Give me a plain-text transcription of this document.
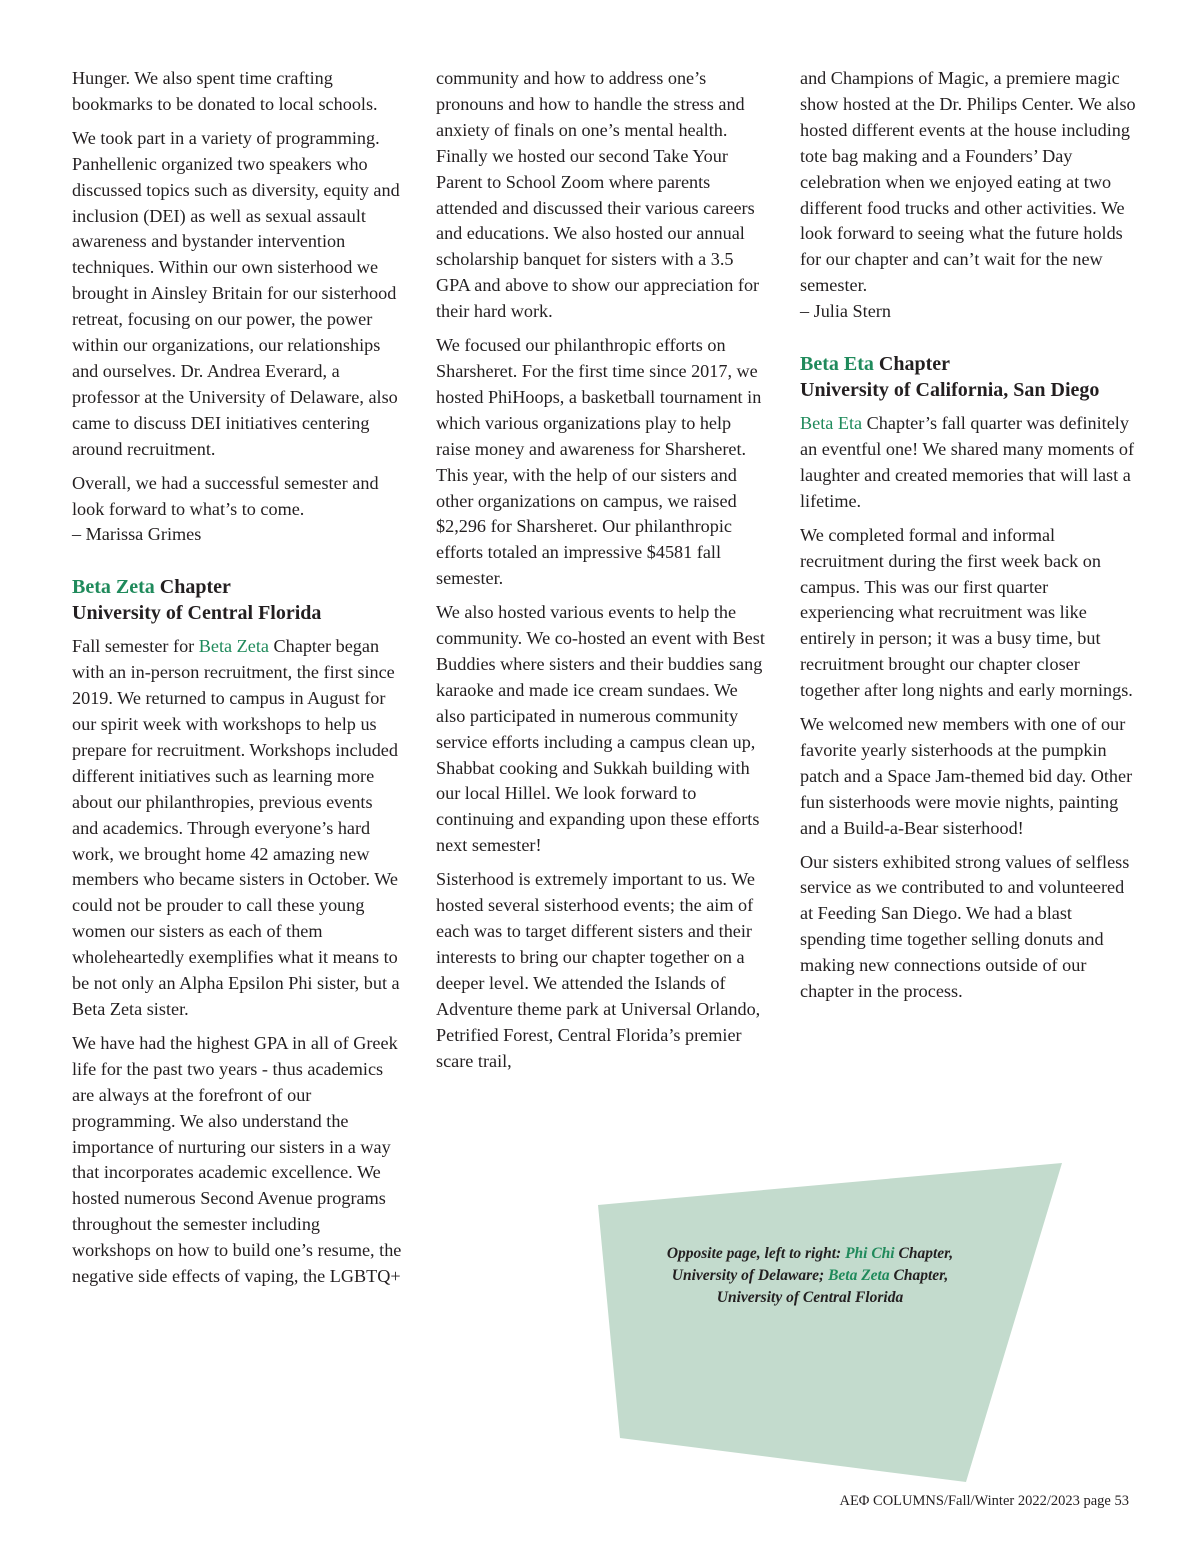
Hunger. We also spent time crafting bookmarks to be donated to local schools.

We took part in a variety of programming. Panhellenic organized two speakers who discussed topics such as diversity, equity and inclusion (DEI) as well as sexual assault awareness and bystander intervention techniques. Within our own sisterhood we brought in Ainsley Britain for our sisterhood retreat, focusing on our power, the power within our organizations, our relationships and ourselves. Dr. Andrea Everard, a professor at the University of Delaware, also came to discuss DEI initiatives centering around recruitment.

Overall, we had a successful semester and look forward to what’s to come.
– Marissa Grimes

Beta Zeta Chapter
University of Central Florida

Fall semester for Beta Zeta Chapter began with an in-person recruitment, the first since 2019. We returned to campus in August for our spirit week with workshops to help us prepare for recruitment. Workshops included different initiatives such as learning more about our philanthropies, previous events and academics. Through everyone’s hard work, we brought home 42 amazing new members who became sisters in October. We could not be prouder to call these young women our sisters as each of them wholeheartedly exemplifies what it means to be not only an Alpha Epsilon Phi sister, but a Beta Zeta sister.

We have had the highest GPA in all of Greek life for the past two years - thus academics are always at the forefront of our programming. We also understand the importance of nurturing our sisters in a way that incorporates academic excellence. We hosted numerous Second Avenue programs throughout the semester including workshops on how to build one’s resume, the negative side effects of vaping, the LGBTQ+

community and how to address one’s pronouns and how to handle the stress and anxiety of finals on one’s mental health. Finally we hosted our second Take Your Parent to School Zoom where parents attended and discussed their various careers and educations. We also hosted our annual scholarship banquet for sisters with a 3.5 GPA and above to show our appreciation for their hard work.

We focused our philanthropic efforts on Sharsheret. For the first time since 2017, we hosted PhiHoops, a basketball tournament in which various organizations play to help raise money and awareness for Sharsheret. This year, with the help of our sisters and other organizations on campus, we raised $2,296 for Sharsheret. Our philanthropic efforts totaled an impressive $4581 fall semester.

We also hosted various events to help the community. We co-hosted an event with Best Buddies where sisters and their buddies sang karaoke and made ice cream sundaes. We also participated in numerous community service efforts including a campus clean up, Shabbat cooking and Sukkah building with our local Hillel. We look forward to continuing and expanding upon these efforts next semester!

Sisterhood is extremely important to us. We hosted several sisterhood events; the aim of each was to target different sisters and their interests to bring our chapter together on a deeper level. We attended the Islands of Adventure theme park at Universal Orlando, Petrified Forest, Central Florida’s premier scare trail,

and Champions of Magic, a premiere magic show hosted at the Dr. Philips Center. We also hosted different events at the house including tote bag making and a Founders’ Day celebration when we enjoyed eating at two different food trucks and other activities. We look forward to seeing what the future holds for our chapter and can’t wait for the new semester.
– Julia Stern

Beta Eta Chapter
University of California, San Diego

Beta Eta Chapter’s fall quarter was definitely an eventful one! We shared many moments of laughter and created memories that will last a lifetime.

We completed formal and informal recruitment during the first week back on campus. This was our first quarter experiencing what recruitment was like entirely in person; it was a busy time, but recruitment brought our chapter closer together after long nights and early mornings.

We welcomed new members with one of our favorite yearly sisterhoods at the pumpkin patch and a Space Jam-themed bid day. Other fun sisterhoods were movie nights, painting and a Build-a-Bear sisterhood!

Our sisters exhibited strong values of selfless service as we contributed to and volunteered at Feeding San Diego. We had a blast spending time together selling donuts and making new connections outside of our chapter in the process.

Opposite page, left to right: Phi Chi Chapter, University of Delaware; Beta Zeta Chapter, University of Central Florida
ΑΕΦ COLUMNS/Fall/Winter 2022/2023 page 53
